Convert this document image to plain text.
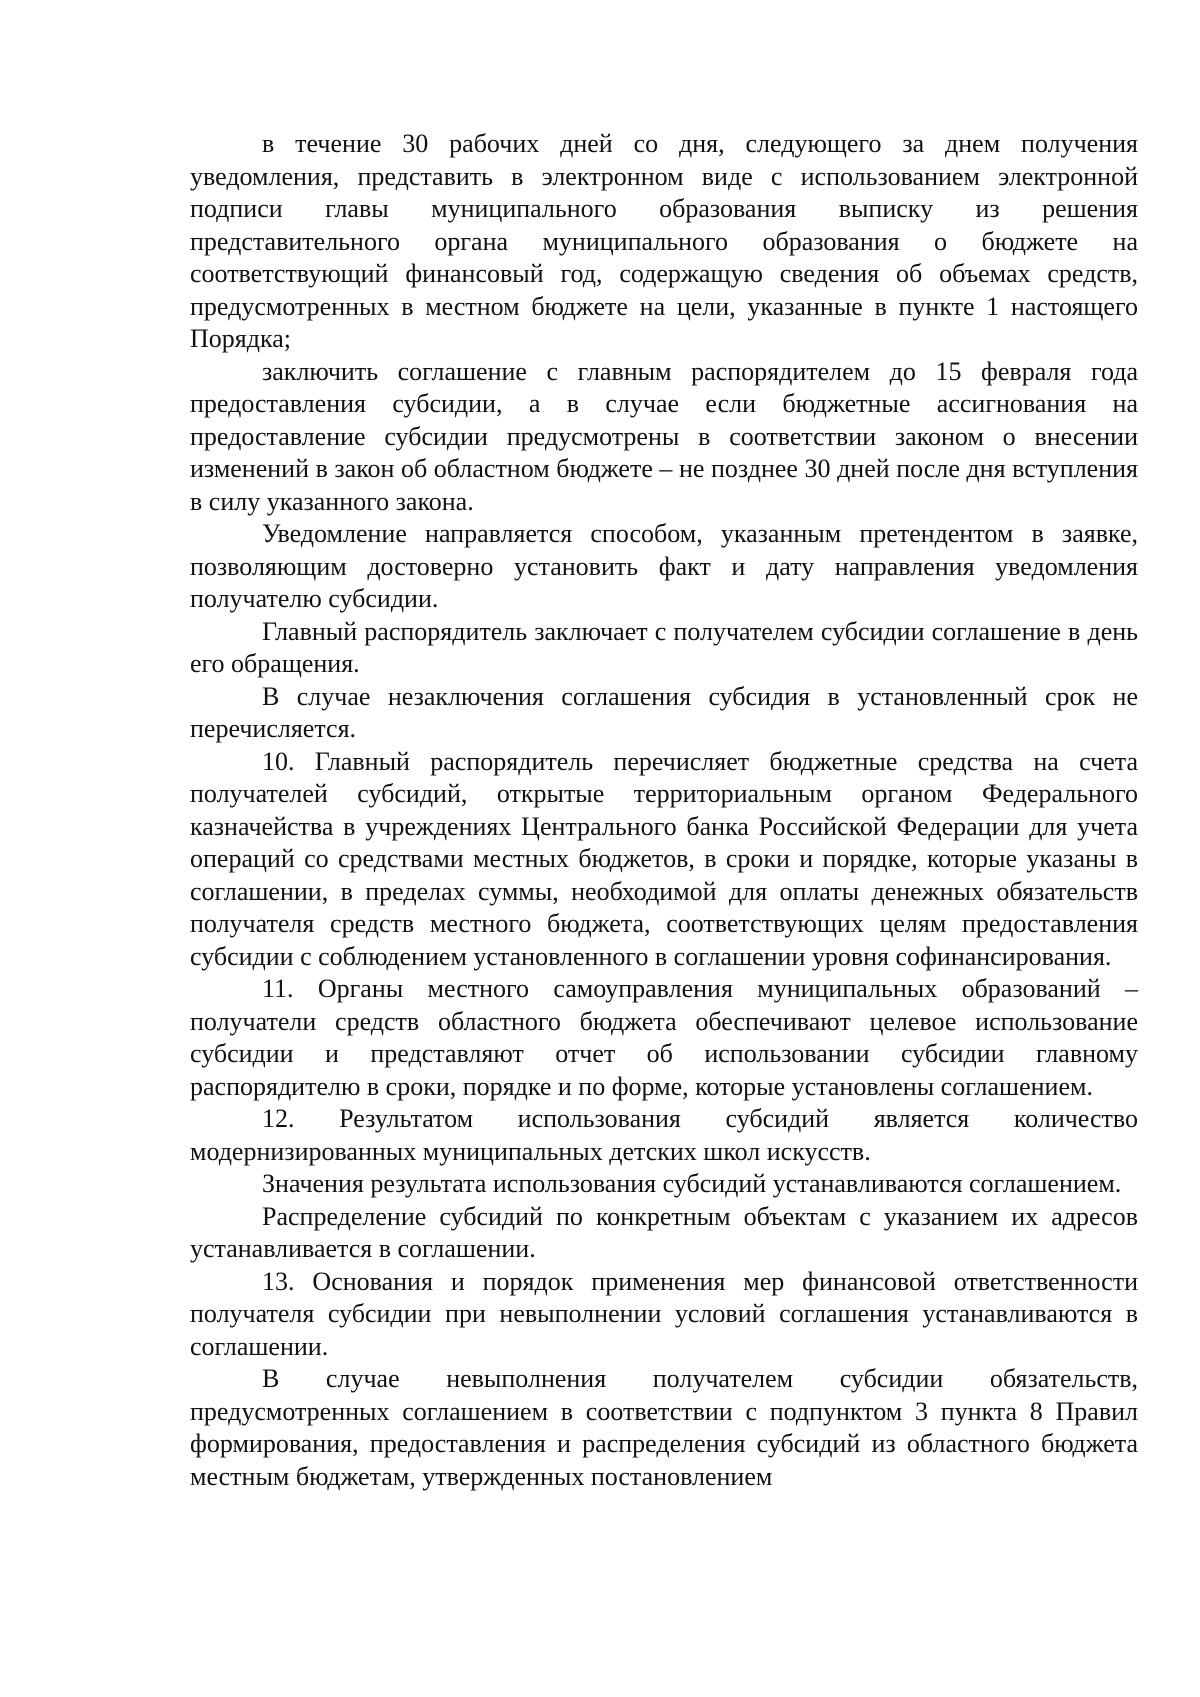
в течение 30 рабочих дней со дня, следующего за днем получения уведомления, представить в электронном виде с использованием электронной подписи главы муниципального образования выписку из решения представительного органа муниципального образования о бюджете на соответствующий финансовый год, содержащую сведения об объемах средств, предусмотренных в местном бюджете на цели, указанные в пункте 1 настоящего Порядка;

заключить соглашение с главным распорядителем до 15 февраля года предоставления субсидии, а в случае если бюджетные ассигнования на предоставление субсидии предусмотрены в соответствии законом о внесении изменений в закон об областном бюджете – не позднее 30 дней после дня вступления в силу указанного закона.

Уведомление направляется способом, указанным претендентом в заявке, позволяющим достоверно установить факт и дату направления уведомления получателю субсидии.

Главный распорядитель заключает с получателем субсидии соглашение в день его обращения.

В случае незаключения соглашения субсидия в установленный срок не перечисляется.

10. Главный распорядитель перечисляет бюджетные средства на счета получателей субсидий, открытые территориальным органом Федерального казначейства в учреждениях Центрального банка Российской Федерации для учета операций со средствами местных бюджетов, в сроки и порядке, которые указаны в соглашении, в пределах суммы, необходимой для оплаты денежных обязательств получателя средств местного бюджета, соответствующих целям предоставления субсидии с соблюдением установленного в соглашении уровня софинансирования.

11. Органы местного самоуправления муниципальных образований – получатели средств областного бюджета обеспечивают целевое использование субсидии и представляют отчет об использовании субсидии главному распорядителю в сроки, порядке и по форме, которые установлены соглашением.

12. Результатом использования субсидий является количество модернизированных муниципальных детских школ искусств.

Значения результата использования субсидий устанавливаются соглашением.

Распределение субсидий по конкретным объектам с указанием их адресов устанавливается в соглашении.

13. Основания и порядок применения мер финансовой ответственности получателя субсидии при невыполнении условий соглашения устанавливаются в соглашении.

В случае невыполнения получателем субсидии обязательств, предусмотренных соглашением в соответствии с подпунктом 3 пункта 8 Правил формирования, предоставления и распределения субсидий из областного бюджета местным бюджетам, утвержденных постановлением
